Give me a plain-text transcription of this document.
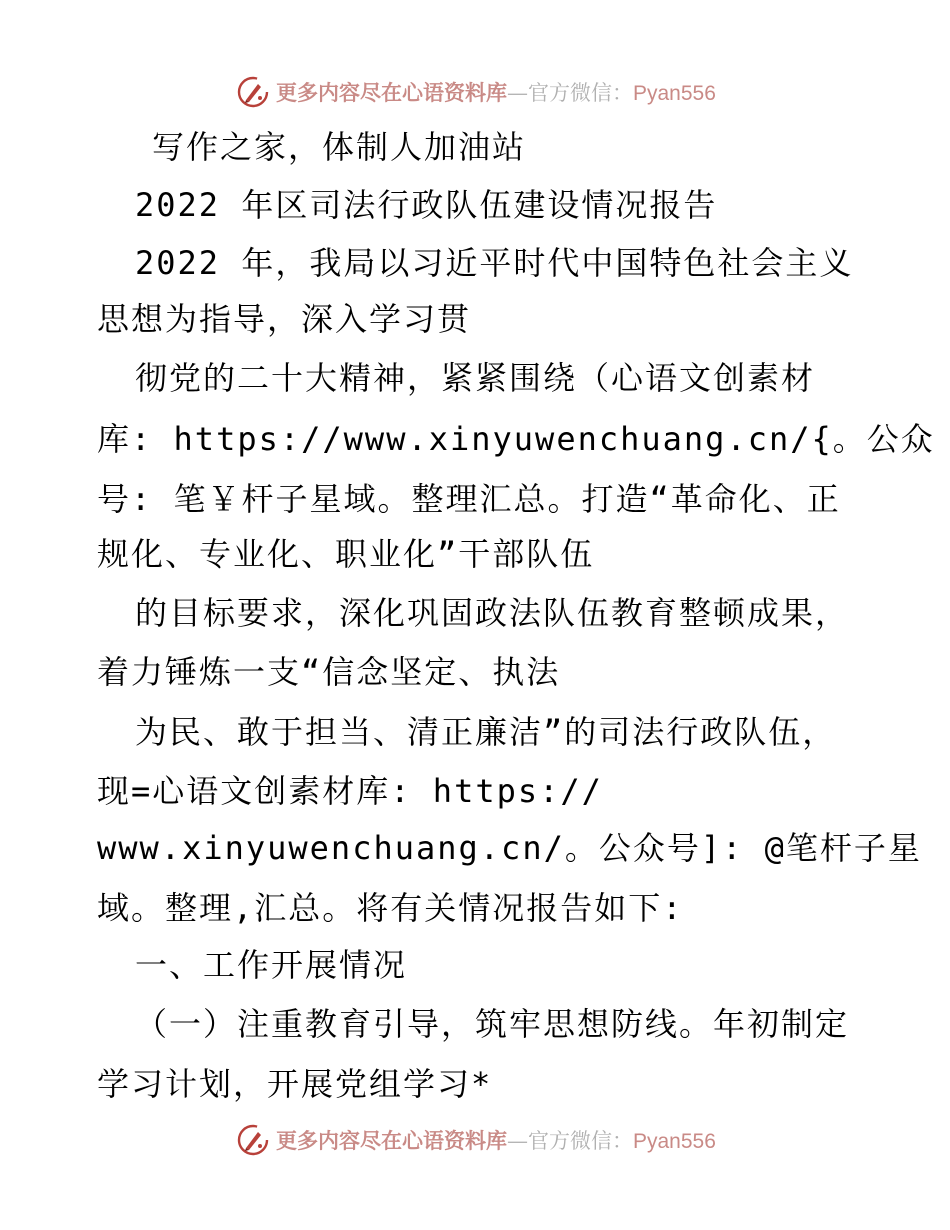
更多内容尽在心语资料库—官方微信：Pyan556
写作之家，体制人加油站
2022 年区司法行政队伍建设情况报告
2022 年，我局以习近平时代中国特色社会主义
思想为指导，深入学习贯
彻党的二十大精神，紧紧围绕（心语文创素材
库: https://www.xinyuwenchuang.cn/{。公众
号: 笔￥杆子星域。整理汇总。打造“革命化、正
规化、专业化、职业化”干部队伍
的目标要求，深化巩固政法队伍教育整顿成果，
着力锤炼一支“信念坚定、执法
为民、敢于担当、清正廉洁”的司法行政队伍，
现=心语文创素材库: https://
www.xinyuwenchuang.cn/。公众号]: @笔杆子星
域。整理,汇总。将有关情况报告如下:
一、工作开展情况
（一）注重教育引导，筑牢思想防线。年初制定
学习计划，开展党组学习*
更多内容尽在心语资料库—官方微信：Pyan556
